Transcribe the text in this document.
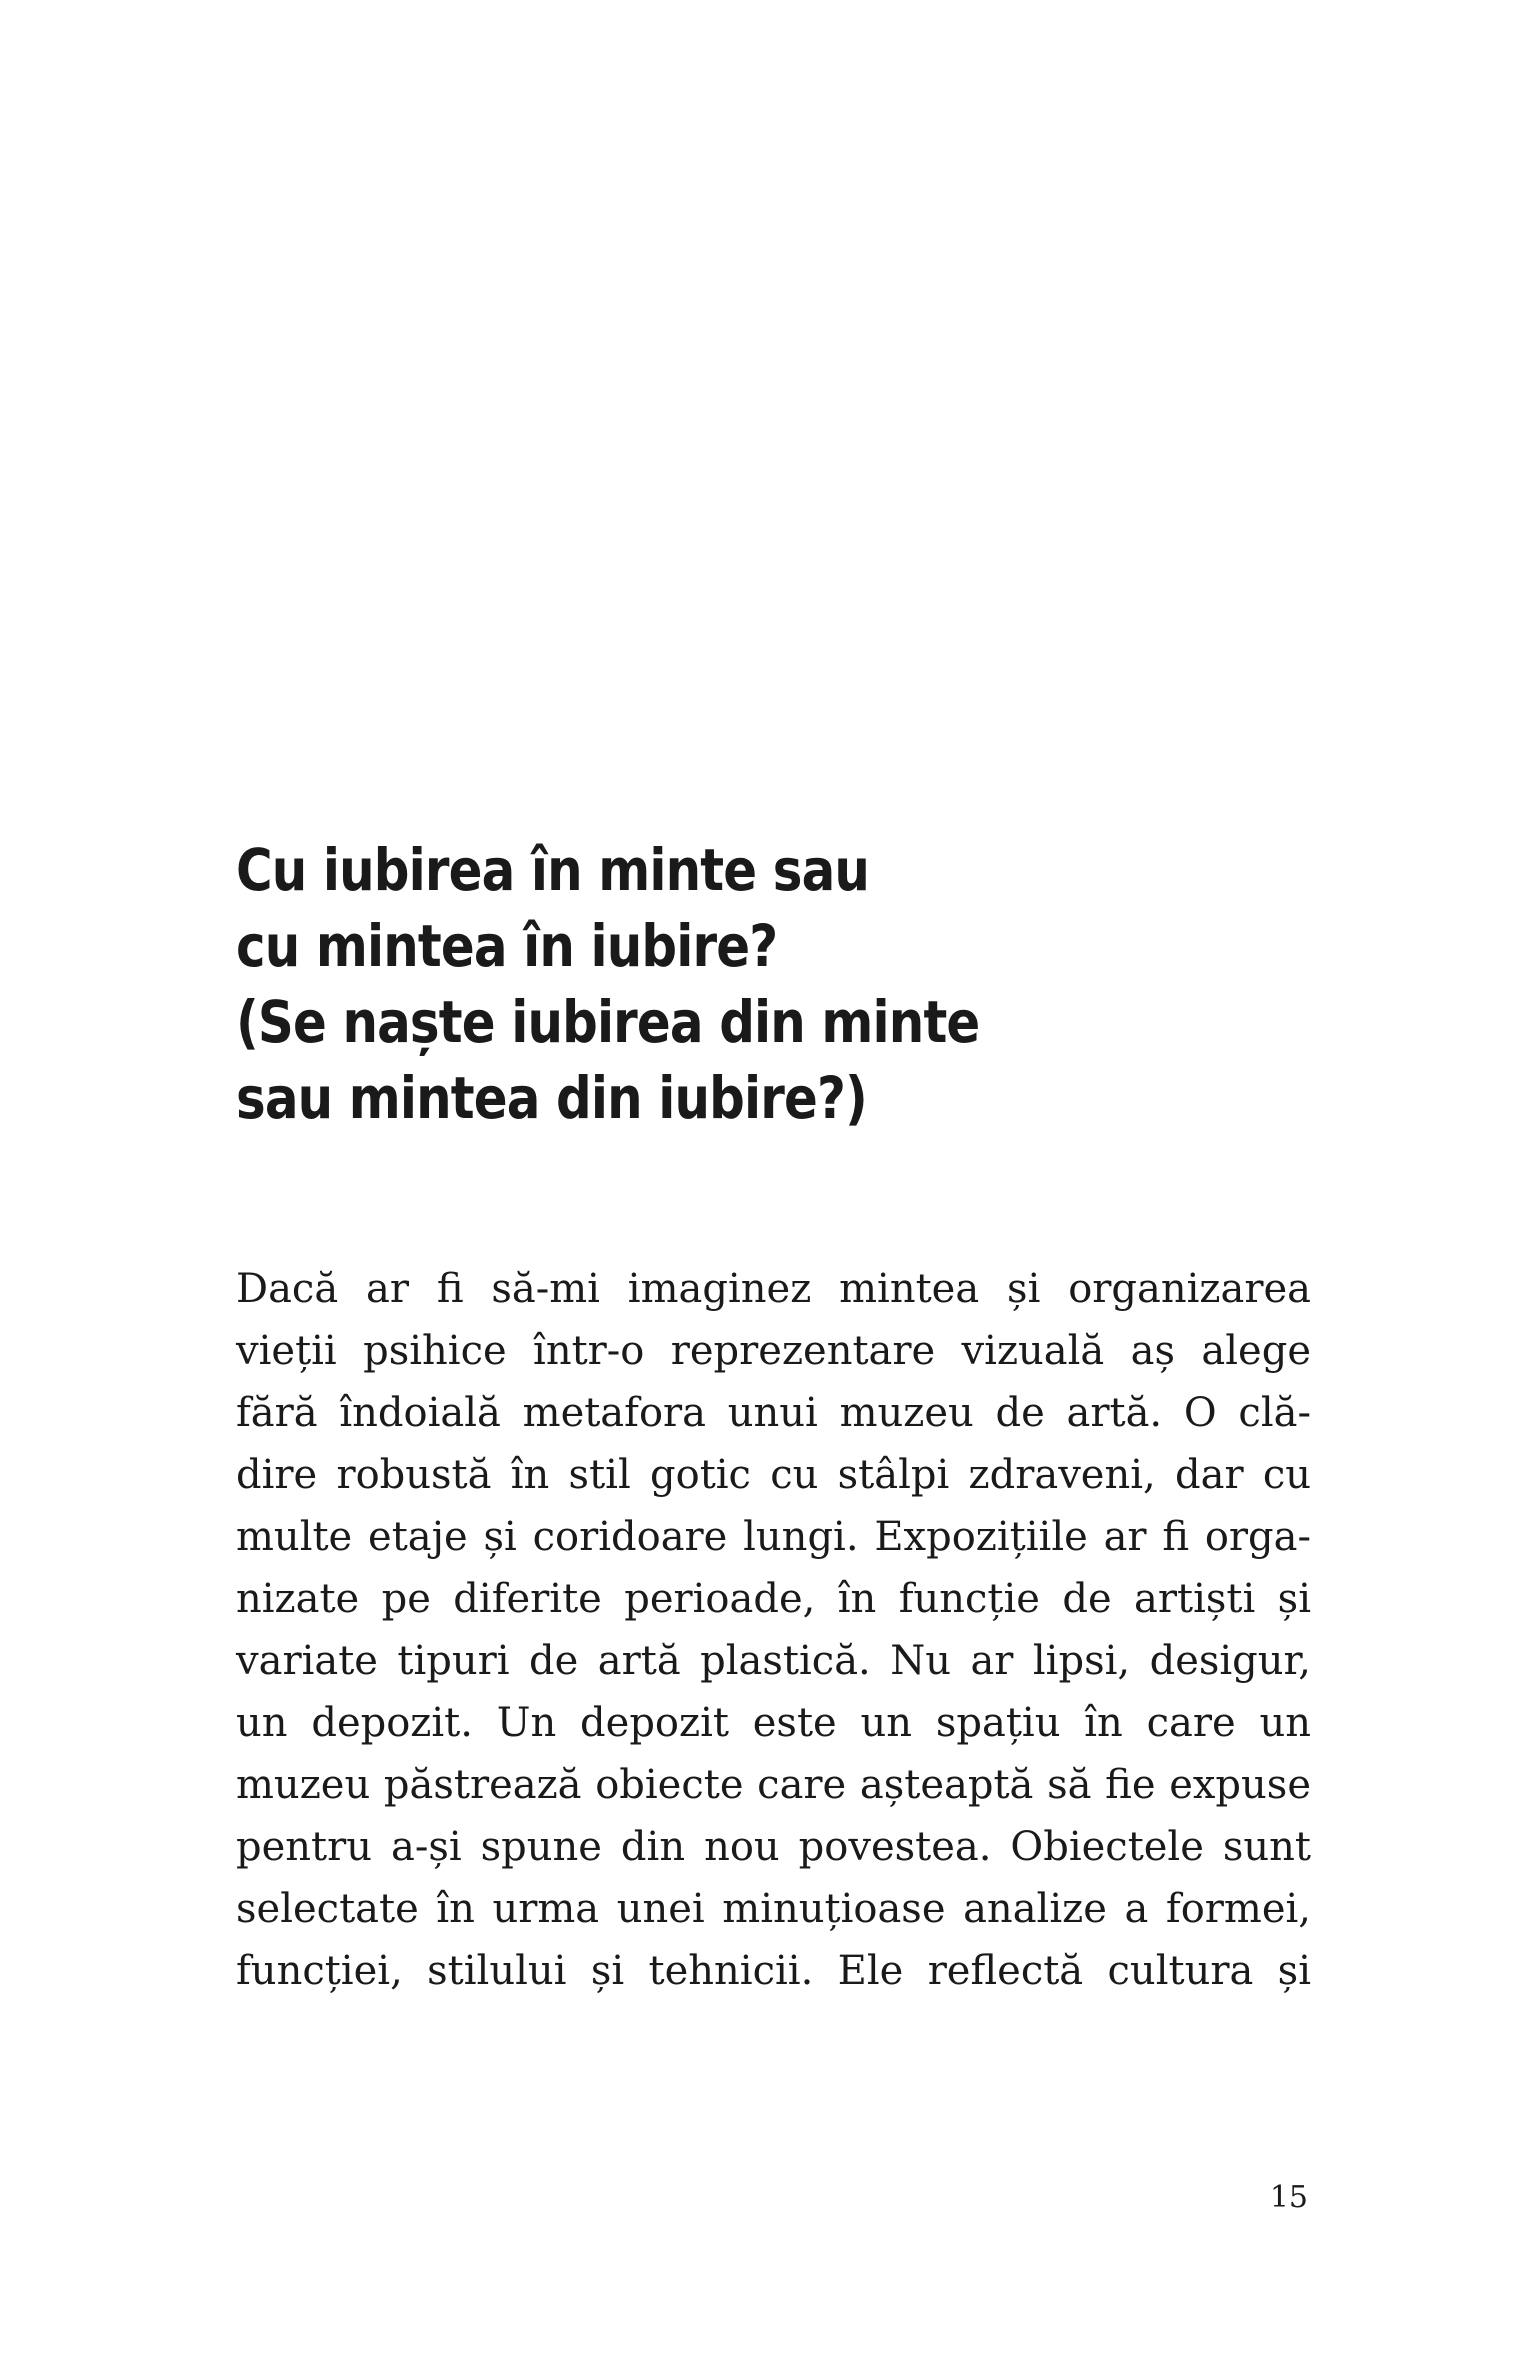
Cu iubirea în minte sau
cu mintea în iubire?
(Se naște iubirea din minte
sau mintea din iubire?)

Dacă ar fi să-mi imaginez mintea și organizarea
vieții psihice într-o reprezentare vizuală aș alege
fără îndoială metafora unui muzeu de artă. O clă-
dire robustă în stil gotic cu stâlpi zdraveni, dar cu
multe etaje și coridoare lungi. Expozițiile ar fi orga-
nizate pe diferite perioade, în funcție de artiști și
variate tipuri de artă plastică. Nu ar lipsi, desigur,
un depozit. Un depozit este un spațiu în care un
muzeu păstrează obiecte care așteaptă să fie expuse
pentru a-și spune din nou povestea. Obiectele sunt
selectate în urma unei minuțioase analize a formei,
funcției, stilului și tehnicii. Ele reflectă cultura și

15
